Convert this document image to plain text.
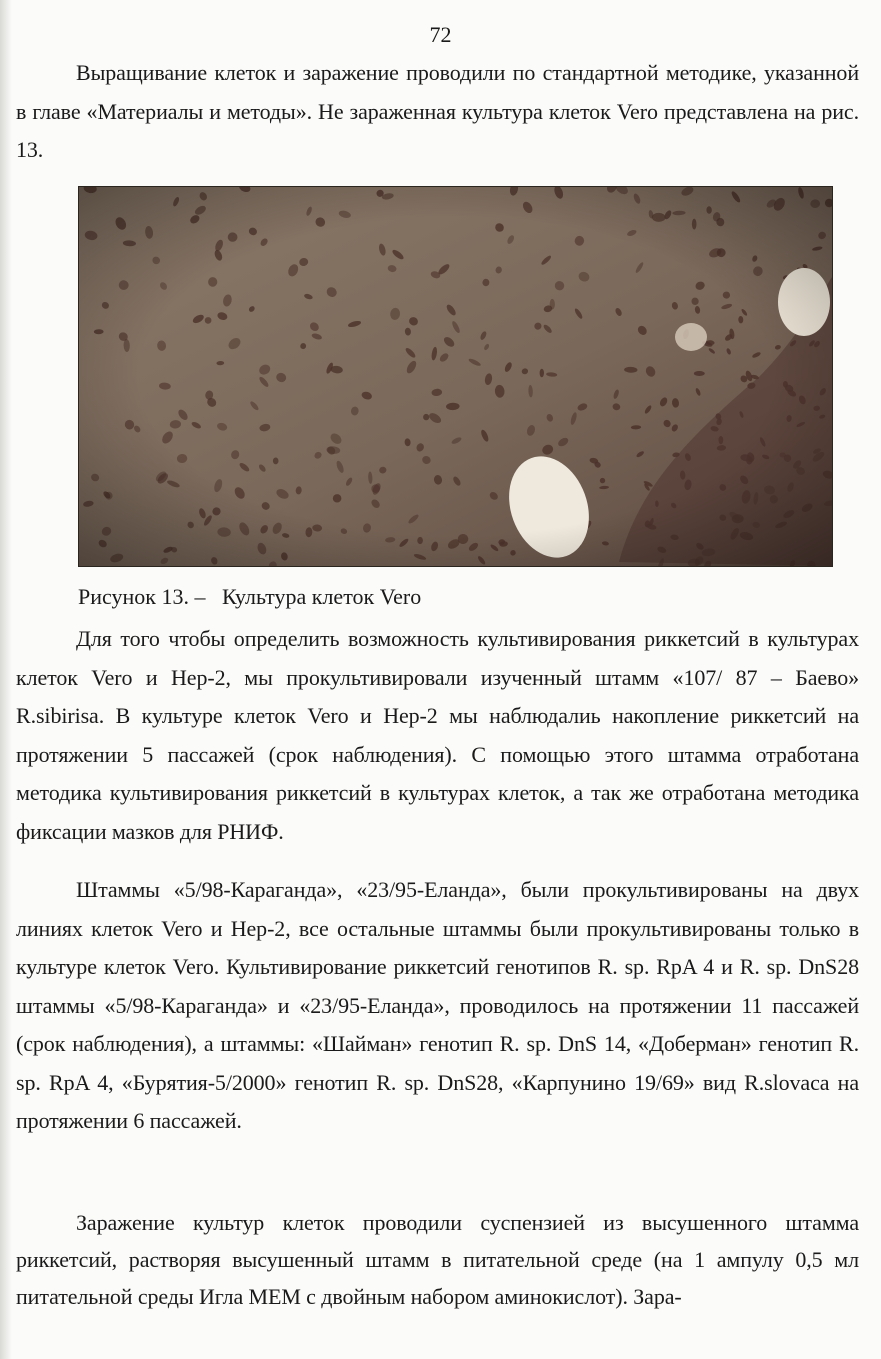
72

Выращивание клеток и заражение проводили по стандартной методике, указанной в главе «Материалы и методы». Не зараженная культура клеток Vero представлена на рис. 13.

Рисунок 13. –   Культура клеток Vero

Для того чтобы определить возможность культивирования риккетсий в культурах клеток Vero и Hep-2, мы прокультивировали изученный штамм «107/ 87 – Баево» R.sibirisa. В культуре клеток Vero и Hep-2 мы наблюдалиь накопление риккетсий на протяжении 5 пассажей (срок наблюдения). С помощью этого штамма отработана методика культивирования риккетсий в культурах клеток, а так же отработана методика фиксации мазков для РНИФ.

Штаммы «5/98-Караганда», «23/95-Еланда», были прокультивированы на двух линиях клеток Vero и Hep-2, все остальные штаммы были прокультивированы только в культуре клеток Vero. Культивирование риккетсий генотипов R. sp. RpA 4 и R. sp. DnS28 штаммы «5/98-Караганда» и «23/95-Еланда», проводилось на протяжении 11 пассажей (срок наблюдения), а штаммы: «Шайман» генотип R. sp. DnS 14, «Доберман» генотип R. sp. RpA 4, «Бурятия-5/2000» генотип R. sp. DnS28, «Карпунино 19/69» вид R.slovaca на протяжении 6 пассажей.

Заражение культур клеток проводили суспензией из высушенного штамма риккетсий, растворяя высушенный штамм в питательной среде (на 1 ампулу 0,5 мл питательной среды Игла МЕМ с двойным набором аминокислот). Зара-
